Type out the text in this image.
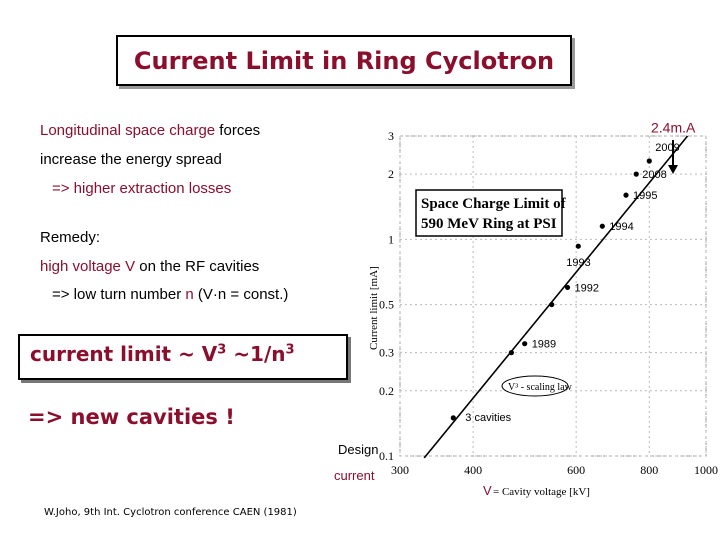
Current Limit in Ring Cyclotron
Longitudinal space charge forces
increase the energy spread
=> higher extraction losses
Remedy:
high voltage V on the RF cavities
=> low turn number n (V·n = const.)
current limit ~ $V^3$ $\sim 1/n^3$
=> new cavities !
W.Joho, 9th Int. Cyclotron conference CAEN (1981)
3 cavities
1989
1992
1993
1994
1995
2008
2009
0.1
0.2
0.3
0.5
1
2
3
300	400	600	800	1000
Space Charge Limit of
590 MeV Ring at PSI
V³ - scaling law
Current limit [mA]
V = Cavity voltage [kV]
2.4m.A
Design
current
